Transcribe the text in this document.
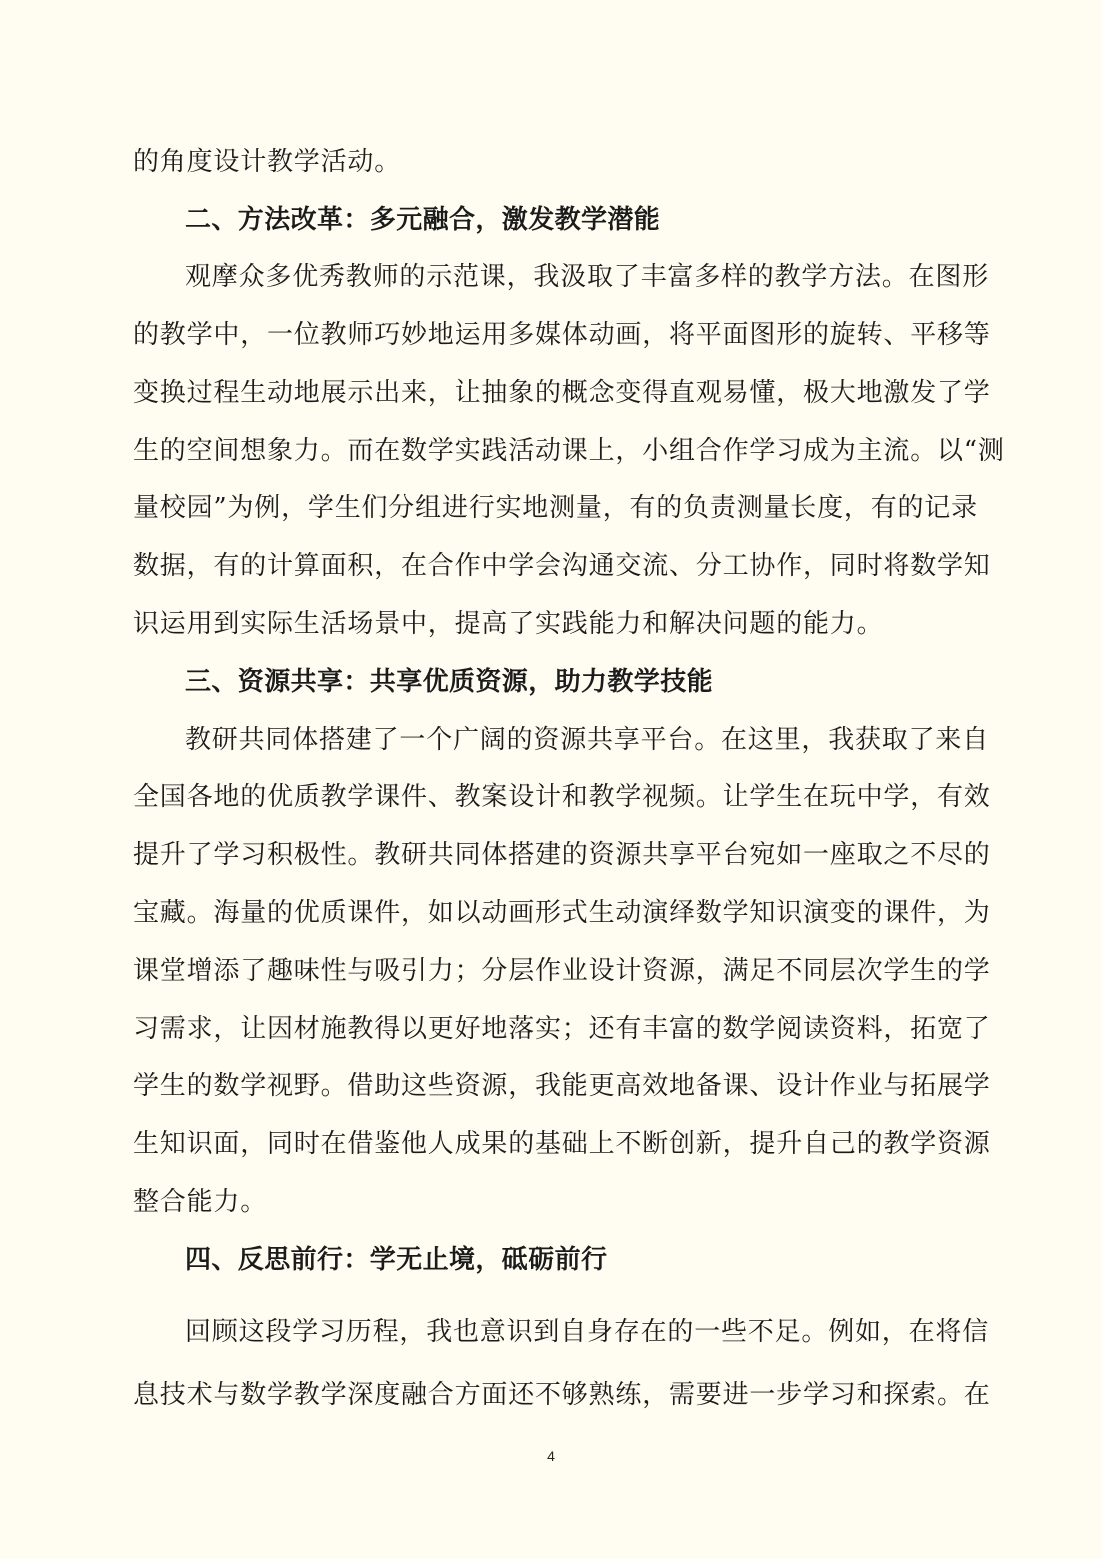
的角度设计教学活动。
二、方法改革：多元融合，激发教学潜能
观摩众多优秀教师的示范课，我汲取了丰富多样的教学方法。在图形
的教学中，一位教师巧妙地运用多媒体动画，将平面图形的旋转、平移等
变换过程生动地展示出来，让抽象的概念变得直观易懂，极大地激发了学
生的空间想象力。而在数学实践活动课上，小组合作学习成为主流。以“测
量校园”为例，学生们分组进行实地测量，有的负责测量长度，有的记录
数据，有的计算面积，在合作中学会沟通交流、分工协作，同时将数学知
识运用到实际生活场景中，提高了实践能力和解决问题的能力。
三、资源共享：共享优质资源，助力教学技能
教研共同体搭建了一个广阔的资源共享平台。在这里，我获取了来自
全国各地的优质教学课件、教案设计和教学视频。让学生在玩中学，有效
提升了学习积极性。教研共同体搭建的资源共享平台宛如一座取之不尽的
宝藏。海量的优质课件，如以动画形式生动演绎数学知识演变的课件，为
课堂增添了趣味性与吸引力；分层作业设计资源，满足不同层次学生的学
习需求，让因材施教得以更好地落实；还有丰富的数学阅读资料，拓宽了
学生的数学视野。借助这些资源，我能更高效地备课、设计作业与拓展学
生知识面，同时在借鉴他人成果的基础上不断创新，提升自己的教学资源
整合能力。
四、反思前行：学无止境，砥砺前行
回顾这段学习历程，我也意识到自身存在的一些不足。例如，在将信
息技术与数学教学深度融合方面还不够熟练，需要进一步学习和探索。在
4
